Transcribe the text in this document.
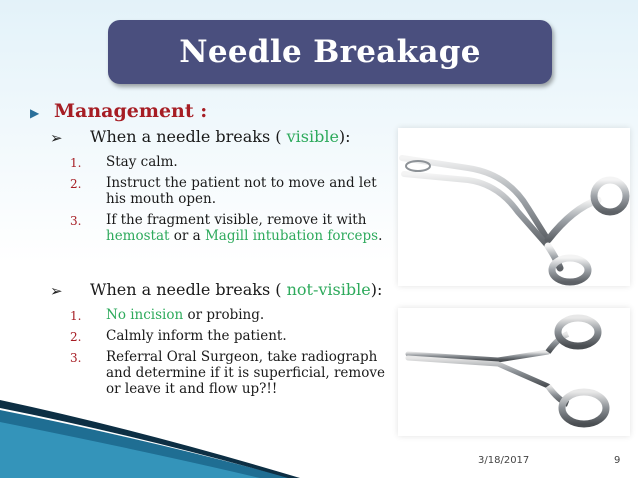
Needle Breakage
▶ Management :
➢ When a needle breaks ( visible):
1. Stay calm.
2. Instruct the patient not to move and let his mouth open.
3. If the fragment visible, remove it with hemostat or a Magill intubation forceps.
➢ When a needle breaks ( not-visible):
1. No incision or probing.
2. Calmly inform the patient.
3. Referral Oral Surgeon, take radiograph and determine if it is superficial, remove or leave it and flow up?!!
3/18/2017	9
